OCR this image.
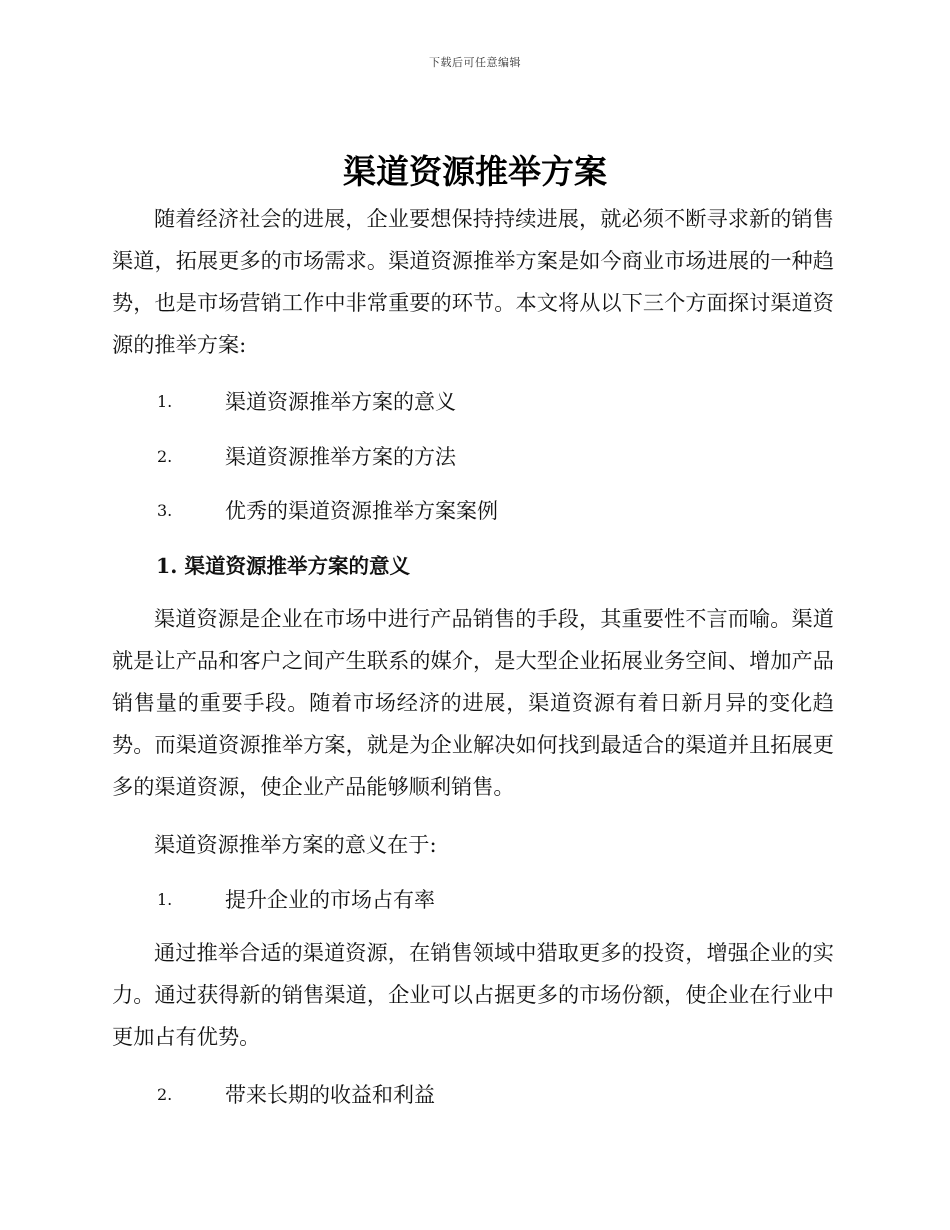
下载后可任意编辑
渠道资源推举方案

随着经济社会的进展，企业要想保持持续进展，就必须不断寻求新的销售渠道，拓展更多的市场需求。渠道资源推举方案是如今商业市场进展的一种趋势，也是市场营销工作中非常重要的环节。本文将从以下三个方面探讨渠道资源的推举方案:

1.	渠道资源推举方案的意义
2.	渠道资源推举方案的方法
3.	优秀的渠道资源推举方案案例
1. 渠道资源推举方案的意义

渠道资源是企业在市场中进行产品销售的手段，其重要性不言而喻。渠道就是让产品和客户之间产生联系的媒介，是大型企业拓展业务空间、增加产品销售量的重要手段。随着市场经济的进展，渠道资源有着日新月异的变化趋势。而渠道资源推举方案，就是为企业解决如何找到最适合的渠道并且拓展更多的渠道资源，使企业产品能够顺利销售。

渠道资源推举方案的意义在于:

1.	提升企业的市场占有率

通过推举合适的渠道资源，在销售领域中猎取更多的投资，增强企业的实力。通过获得新的销售渠道，企业可以占据更多的市场份额，使企业在行业中更加占有优势。

2.	带来长期的收益和利益
